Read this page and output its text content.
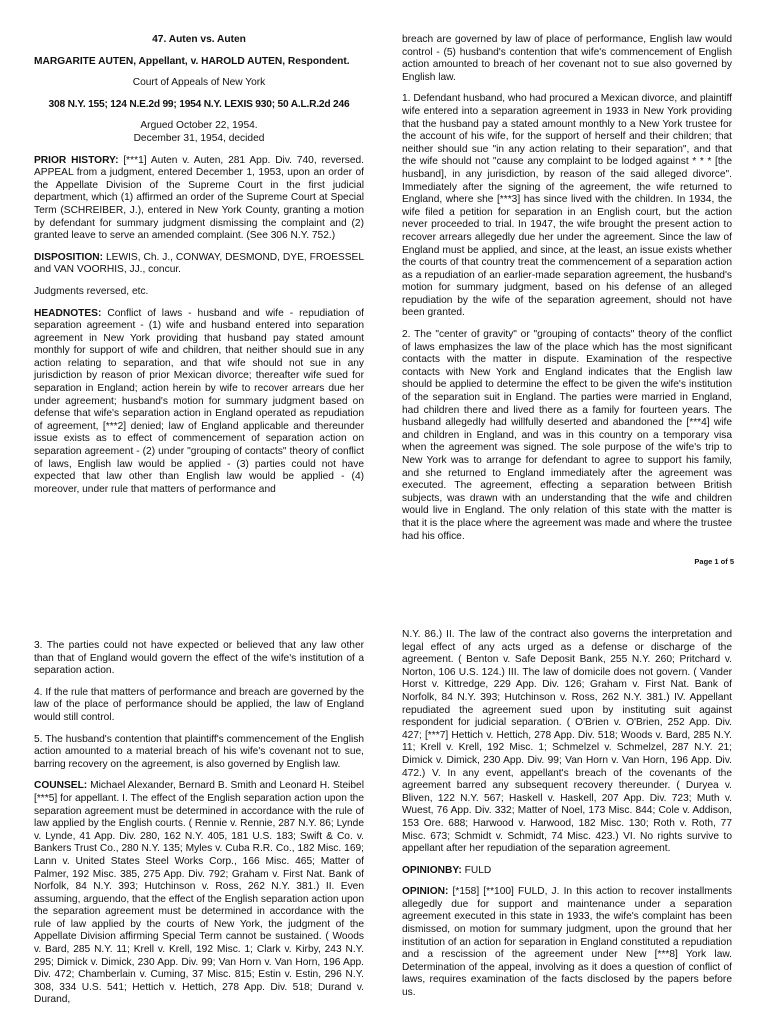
47. Auten vs. Auten

MARGARITE AUTEN, Appellant, v. HAROLD AUTEN, Respondent.

Court of Appeals of New York

308 N.Y. 155; 124 N.E.2d 99; 1954 N.Y. LEXIS 930; 50 A.L.R.2d 246

Argued October 22, 1954.
December 31, 1954, decided

PRIOR HISTORY: [***1] Auten v. Auten, 281 App. Div. 740, reversed. APPEAL from a judgment, entered December 1, 1953, upon an order of the Appellate Division of the Supreme Court in the first judicial department, which (1) affirmed an order of the Supreme Court at Special Term (SCHREIBER, J.), entered in New York County, granting a motion by defendant for summary judgment dismissing the complaint and (2) granted leave to serve an amended complaint. (See 306 N.Y. 752.)

DISPOSITION: LEWIS, Ch. J., CONWAY, DESMOND, DYE, FROESSEL and VAN VOORHIS, JJ., concur.

Judgments reversed, etc.

HEADNOTES: Conflict of laws - husband and wife - repudiation of separation agreement - (1) wife and husband entered into separation agreement in New York providing that husband pay stated amount monthly for support of wife and children, that neither should sue in any action relating to separation, and that wife should not sue in any jurisdiction by reason of prior Mexican divorce; thereafter wife sued for separation in England; action herein by wife to recover arrears due her under agreement; husband's motion for summary judgment based on defense that wife's separation action in England operated as repudiation of agreement, [***2] denied; law of England applicable and thereunder issue exists as to effect of commencement of separation action on separation agreement - (2) under "grouping of contacts" theory of conflict of laws, English law would be applied - (3) parties could not have expected that law other than English law would be applied - (4) moreover, under rule that matters of performance and

breach are governed by law of place of performance, English law would control - (5) husband's contention that wife's commencement of English action amounted to breach of her covenant not to sue also governed by English law.

1. Defendant husband, who had procured a Mexican divorce, and plaintiff wife entered into a separation agreement in 1933 in New York providing that the husband pay a stated amount monthly to a New York trustee for the account of his wife, for the support of herself and their children; that neither should sue "in any action relating to their separation", and that the wife should not "cause any complaint to be lodged against * * * [the husband], in any jurisdiction, by reason of the said alleged divorce". Immediately after the signing of the agreement, the wife returned to England, where she [***3] has since lived with the children. In 1934, the wife filed a petition for separation in an English court, but the action never proceeded to trial. In 1947, the wife brought the present action to recover arrears allegedly due her under the agreement. Since the law of England must be applied, and since, at the least, an issue exists whether the courts of that country treat the commencement of a separation action as a repudiation of an earlier-made separation agreement, the husband's motion for summary judgment, based on his defense of an alleged repudiation by the wife of the separation agreement, should not have been granted.

2. The "center of gravity" or "grouping of contacts" theory of the conflict of laws emphasizes the law of the place which has the most significant contacts with the matter in dispute. Examination of the respective contacts with New York and England indicates that the English law should be applied to determine the effect to be given the wife's institution of the separation suit in England. The parties were married in England, had children there and lived there as a family for fourteen years. The husband allegedly had willfully deserted and abandoned the [***4] wife and children in England, and was in this country on a temporary visa when the agreement was signed. The sole purpose of the wife's trip to New York was to arrange for defendant to agree to support his family, and she returned to England immediately after the agreement was executed. The agreement, effecting a separation between British subjects, was drawn with an understanding that the wife and children would live in England. The only relation of this state with the matter is that it is the place where the agreement was made and where the trustee had his office.

Page 1 of 5

3. The parties could not have expected or believed that any law other than that of England would govern the effect of the wife's institution of a separation action.

4. If the rule that matters of performance and breach are governed by the law of the place of performance should be applied, the law of England would still control.

5. The husband's contention that plaintiff's commencement of the English action amounted to a material breach of his wife's covenant not to sue, barring recovery on the agreement, is also governed by English law.

COUNSEL: Michael Alexander, Bernard B. Smith and Leonard H. Steibel [***5] for appellant. I. The effect of the English separation action upon the separation agreement must be determined in accordance with the rule of law applied by the English courts. ( Rennie v. Rennie, 287 N.Y. 86; Lynde v. Lynde, 41 App. Div. 280, 162 N.Y. 405, 181 U.S. 183; Swift & Co. v. Bankers Trust Co., 280 N.Y. 135; Myles v. Cuba R.R. Co., 182 Misc. 169; Lann v. United States Steel Works Corp., 166 Misc. 465; Matter of Palmer, 192 Misc. 385, 275 App. Div. 792; Graham v. First Nat. Bank of Norfolk, 84 N.Y. 393; Hutchinson v. Ross, 262 N.Y. 381.) II. Even assuming, arguendo, that the effect of the English separation action upon the separation agreement must be determined in accordance with the rule of law applied by the courts of New York, the judgment of the Appellate Division affirming Special Term cannot be sustained. ( Woods v. Bard, 285 N.Y. 11; Krell v. Krell, 192 Misc. 1; Clark v. Kirby, 243 N.Y. 295; Dimick v. Dimick, 230 App. Div. 99; Van Horn v. Van Horn, 196 App. Div. 472; Chamberlain v. Cuming, 37 Misc. 815; Estin v. Estin, 296 N.Y. 308, 334 U.S. 541; Hettich v. Hettich, 278 App. Div. 518; Durand v. Durand,

N.Y. 86.) II. The law of the contract also governs the interpretation and legal effect of any acts urged as a defense or discharge of the agreement. ( Benton v. Safe Deposit Bank, 255 N.Y. 260; Pritchard v. Norton, 106 U.S. 124.) III. The law of domicile does not govern. ( Vander Horst v. Kittredge, 229 App. Div. 126; Graham v. First Nat. Bank of Norfolk, 84 N.Y. 393; Hutchinson v. Ross, 262 N.Y. 381.) IV. Appellant repudiated the agreement sued upon by instituting suit against respondent for judicial separation. ( O'Brien v. O'Brien, 252 App. Div. 427; [***7] Hettich v. Hettich, 278 App. Div. 518; Woods v. Bard, 285 N.Y. 11; Krell v. Krell, 192 Misc. 1; Schmelzel v. Schmelzel, 287 N.Y. 21; Dimick v. Dimick, 230 App. Div. 99; Van Horn v. Van Horn, 196 App. Div. 472.) V. In any event, appellant's breach of the covenants of the agreement barred any subsequent recovery thereunder. ( Duryea v. Bliven, 122 N.Y. 567; Haskell v. Haskell, 207 App. Div. 723; Muth v. Wuest, 76 App. Div. 332; Matter of Noel, 173 Misc. 844; Cole v. Addison, 153 Ore. 688; Harwood v. Harwood, 182 Misc. 130; Roth v. Roth, 77 Misc. 673; Schmidt v. Schmidt, 74 Misc. 423.) VI. No rights survive to appellant after her repudiation of the separation agreement.

OPINIONBY: FULD

OPINION: [*158] [**100] FULD, J. In this action to recover installments allegedly due for support and maintenance under a separation agreement executed in this state in 1933, the wife's complaint has been dismissed, on motion for summary judgment, upon the ground that her institution of an action for separation in England constituted a repudiation and a rescission of the agreement under New [***8] York law. Determination of the appeal, involving as it does a question of conflict of laws, requires examination of the facts disclosed by the papers before us.
